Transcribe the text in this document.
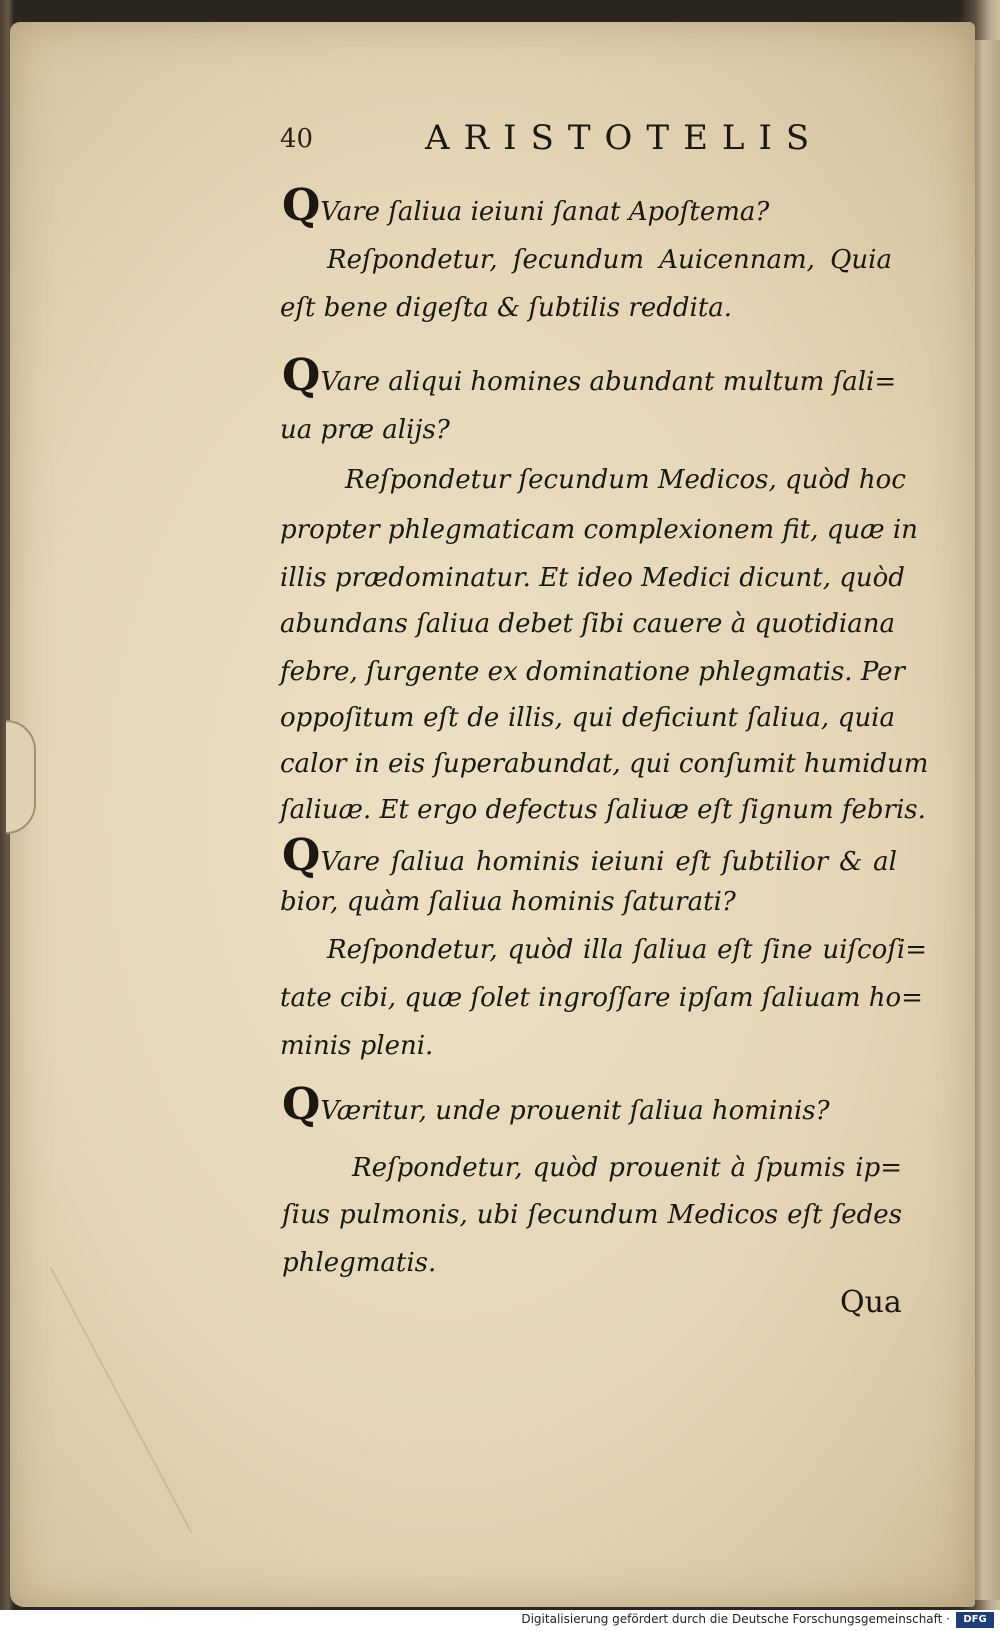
40	ARISTOTELIS
QVare ſaliua ieiuni ſanat Apoſtema?
Reſpondetur, ſecundum Auicennam, Quia
eſt bene digeſta & ſubtilis reddita.
QVare aliqui homines abundant multum ſali=
ua præ alijs?
Reſpondetur ſecundum Medicos, quòd hoc
propter phlegmaticam complexionem fit, quæ in
illis prædominatur. Et ideo Medici dicunt, quòd
abundans ſaliua debet ſibi cauere à quotidiana
febre, ſurgente ex dominatione phlegmatis. Per
oppoſitum eſt de illis, qui deficiunt ſaliua, quia
calor in eis ſuperabundat, qui conſumit humidum
ſaliuæ. Et ergo defectus ſaliuæ eſt ſignum febris.
QVare ſaliua hominis ieiuni eſt ſubtilior & al
bior, quàm ſaliua hominis ſaturati?
Reſpondetur, quòd illa ſaliua eſt ſine uiſcoſi=
tate cibi, quæ ſolet ingroſſare ipſam ſaliuam ho=
minis pleni.
QVæritur, unde prouenit ſaliua hominis?
Reſpondetur, quòd prouenit à ſpumis ip=
ſius pulmonis, ubi ſecundum Medicos eſt ſedes
phlegmatis.
Qua
Digitalisierung gefördert durch die Deutsche Forschungsgemeinschaft ·	DFG
